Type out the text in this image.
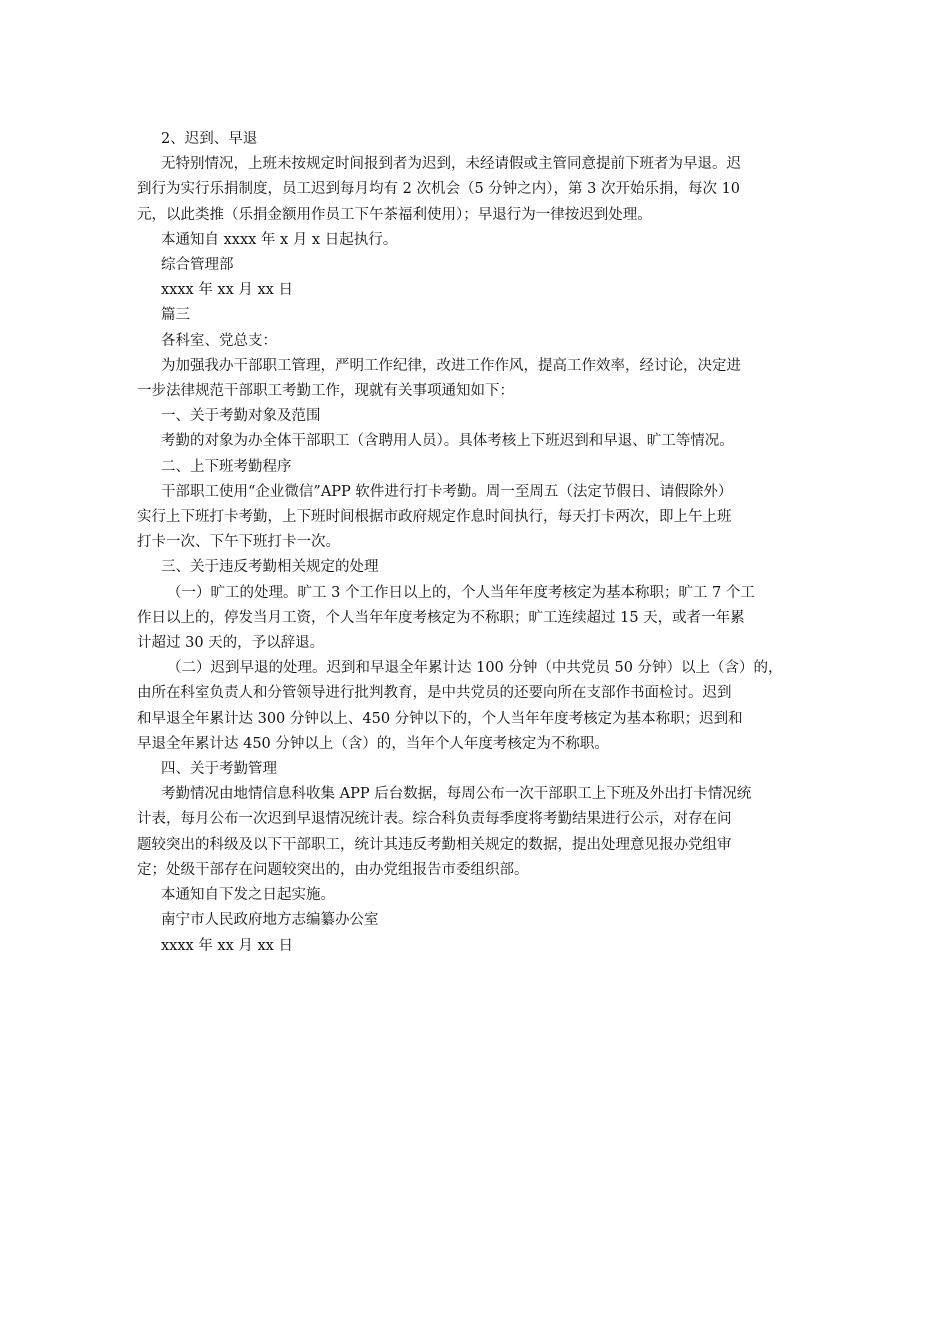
2、迟到、早退
无特别情况，上班未按规定时间报到者为迟到，未经请假或主管同意提前下班者为早退。迟
到行为实行乐捐制度，员工迟到每月均有 2 次机会（5 分钟之内），第 3 次开始乐捐，每次 10
元，以此类推（乐捐金额用作员工下午茶福利使用）；早退行为一律按迟到处理。
本通知自 xxxx 年 x 月 x 日起执行。
综合管理部
xxxx 年 xx 月 xx 日
篇三
各科室、党总支：
为加强我办干部职工管理，严明工作纪律，改进工作作风，提高工作效率，经讨论，决定进
一步法律规范干部职工考勤工作，现就有关事项通知如下：
一、关于考勤对象及范围
考勤的对象为办全体干部职工（含聘用人员）。具体考核上下班迟到和早退、旷工等情况。
二、上下班考勤程序
干部职工使用“企业微信”APP 软件进行打卡考勤。周一至周五（法定节假日、请假除外）
实行上下班打卡考勤，上下班时间根据市政府规定作息时间执行，每天打卡两次，即上午上班
打卡一次、下午下班打卡一次。
三、关于违反考勤相关规定的处理
（一）旷工的处理。旷工 3 个工作日以上的，个人当年年度考核定为基本称职；旷工 7 个工
作日以上的，停发当月工资，个人当年年度考核定为不称职；旷工连续超过 15 天，或者一年累
计超过 30 天的，予以辞退。
（二）迟到早退的处理。迟到和早退全年累计达 100 分钟（中共党员 50 分钟）以上（含）的，
由所在科室负责人和分管领导进行批判教育，是中共党员的还要向所在支部作书面检讨。迟到
和早退全年累计达 300 分钟以上、450 分钟以下的，个人当年年度考核定为基本称职；迟到和
早退全年累计达 450 分钟以上（含）的，当年个人年度考核定为不称职。
四、关于考勤管理
考勤情况由地情信息科收集 APP 后台数据，每周公布一次干部职工上下班及外出打卡情况统
计表，每月公布一次迟到早退情况统计表。综合科负责每季度将考勤结果进行公示，对存在问
题较突出的科级及以下干部职工，统计其违反考勤相关规定的数据，提出处理意见报办党组审
定；处级干部存在问题较突出的，由办党组报告市委组织部。
本通知自下发之日起实施。
南宁市人民政府地方志编纂办公室
xxxx 年 xx 月 xx 日
